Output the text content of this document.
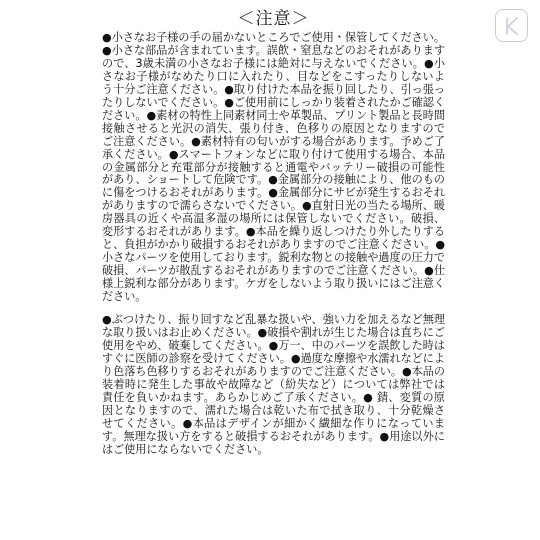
＜注意＞

●小さなお子様の手の届かないところでご使用・保管してください。●小さな部品が含まれています。誤飲・窒息などのおそれがありますので、3歳未満の小さなお子様には絶対に与えないでください。●小さなお子様がなめたり口に入れたり、目などをこすったりしないよう十分ご注意ください。●取り付けた本品を振り回したり、引っ張ったりしないでください。●ご使用前にしっかり装着されたかご確認ください。●素材の特性上同素材同士や革製品、プリント製品と長時間接触させると光沢の消失、張り付き、色移りの原因となりますのでご注意ください。●素材特有の匂いがする場合があります。予めご了承ください。●スマートフォンなどに取り付けて使用する場合、本品の金属部分と充電部分が接触すると通電やバッテリー破損の可能性があり、ショートして危険です。●金属部分の接触により、他のものに傷をつけるおそれがあります。●金属部分にサビが発生するおそれがありますので濡らさないでください。●直射日光の当たる場所、暖房器具の近くや高温多湿の場所には保管しないでください。破損、変形するおそれがあります。●本品を繰り返しつけたり外したりすると、負担がかかり破損するおそれがありますのでご注意ください。●小さなパーツを使用しております。鋭利な物との接触や過度の圧力で破損、パーツが散乱するおそれがありますのでご注意ください。●仕様上鋭利な部分があります。ケガをしないよう取り扱いにはご注意ください。

●ぶつけたり、振り回すなど乱暴な扱いや、強い力を加えるなど無理な取り扱いはお止めください。●破損や割れが生じた場合は直ちにご使用をやめ、破棄してください。●万一、中のパーツを誤飲した時はすぐに医師の診察を受けてください。●過度な摩擦や水濡れなどにより色落ち色移りするおそれがありますのでご注意ください。●本品の装着時に発生した事故や故障など（紛失など）については弊社では責任を負いかねます。あらかじめご了承ください。● 錆、変質の原因となりますので、濡れた場合は乾いた布で拭き取り、十分乾燥させてください。●本品はデザインが細かく繊細な作りになっています。無理な扱い方をすると破損するおそれがあります。●用途以外にはご使用にならないでください。
